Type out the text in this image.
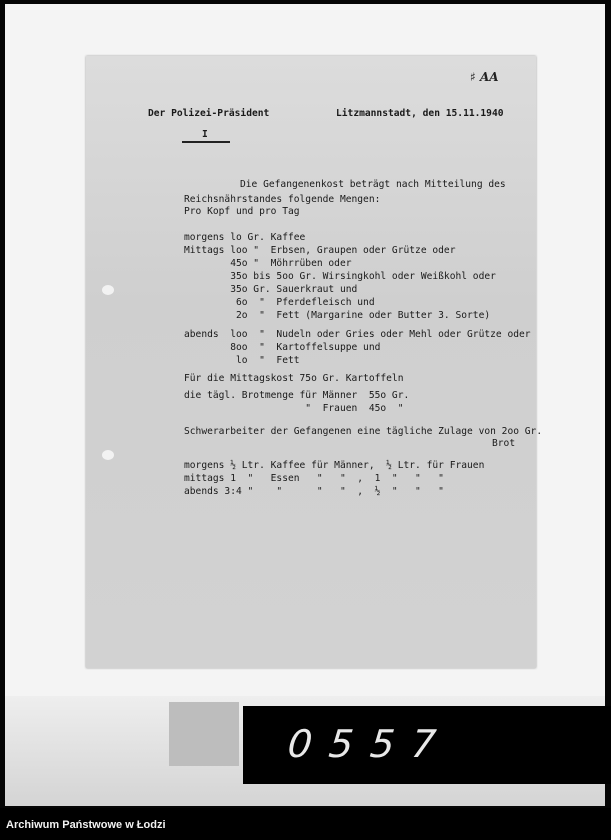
♯ AA
Der Polizei-Präsident	Litzmannstadt, den 15.11.1940
I
Die Gefangenenkost beträgt nach Mitteilung des
Reichsnährstandes folgende Mengen:
Pro Kopf und pro Tag
morgens lo Gr. Kaffee
Mittags loo "  Erbsen, Graupen oder Grütze oder
45o "  Möhrrüben oder
35o bis 5oo Gr. Wirsingkohl oder Weißkohl oder
35o Gr. Sauerkraut und
6o  "  Pferdefleisch und
2o  "  Fett (Margarine oder Butter 3. Sorte)
abends  loo  "  Nudeln oder Gries oder Mehl oder Grütze oder
8oo  "  Kartoffelsuppe und
lo  "  Fett
Für die Mittagskost 75o Gr. Kartoffeln
die tägl. Brotmenge für Männer  55o Gr.
"  Frauen  45o  "
Schwerarbeiter der Gefangenen eine tägliche Zulage von 2oo Gr.
Brot
morgens ½ Ltr. Kaffee für Männer,  ½ Ltr. für Frauen
mittags 1  "   Essen   "   "  ,  1  "   "   "
abends 3:4 "    "      "   "  ,  ½  "   "   "
0557
Archiwum Państwowe w Łodzi
